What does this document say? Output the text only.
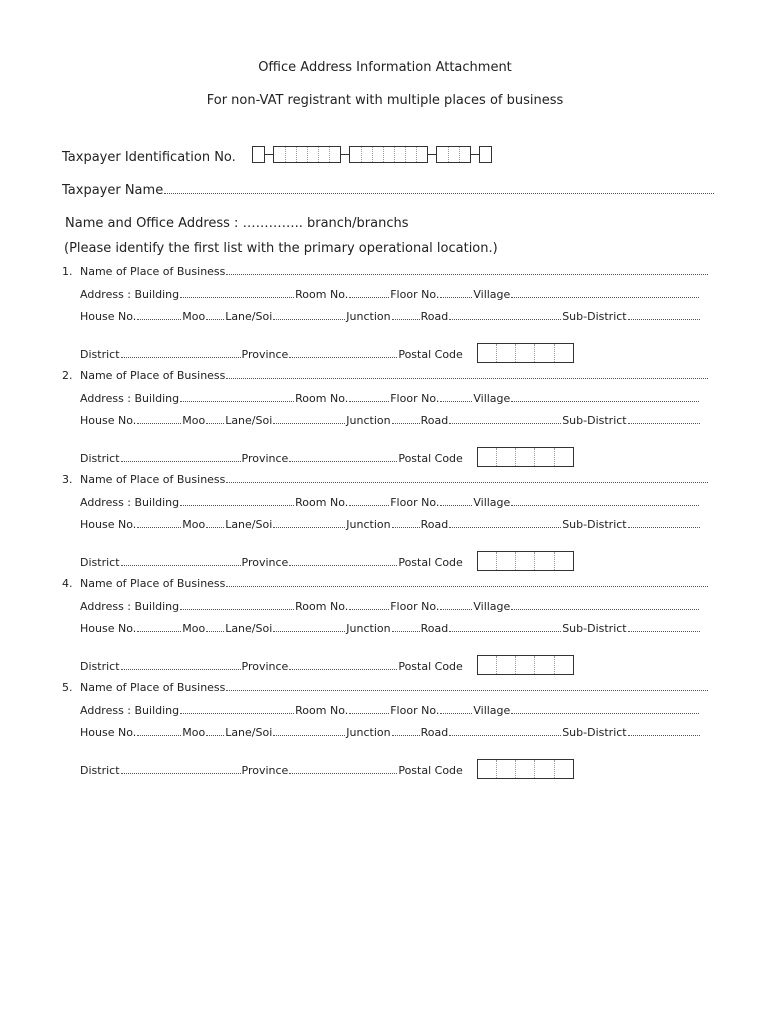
Office Address Information Attachment
For non-VAT registrant with multiple places of business
Taxpayer Identification No.
Taxpayer Name
Name and Office Address : ………….. branch/branchs
(Please identify the first list with the primary operational location.)
1. Name of Place of Business
Address : Building	Room No.	Floor No.	Village
House No.	Moo Lane/Soi	Junction	Road	Sub-District
District	Province	Postal Code
2. Name of Place of Business
Address : Building	Room No.	Floor No.	Village
House No.	Moo Lane/Soi	Junction	Road	Sub-District
District	Province	Postal Code
3. Name of Place of Business
Address : Building	Room No.	Floor No.	Village
House No.	Moo Lane/Soi	Junction	Road	Sub-District
District	Province	Postal Code
4. Name of Place of Business
Address : Building	Room No.	Floor No.	Village
House No.	Moo Lane/Soi	Junction	Road	Sub-District
District	Province	Postal Code
5. Name of Place of Business
Address : Building	Room No.	Floor No.	Village
House No.	Moo Lane/Soi	Junction	Road	Sub-District
District	Province	Postal Code
